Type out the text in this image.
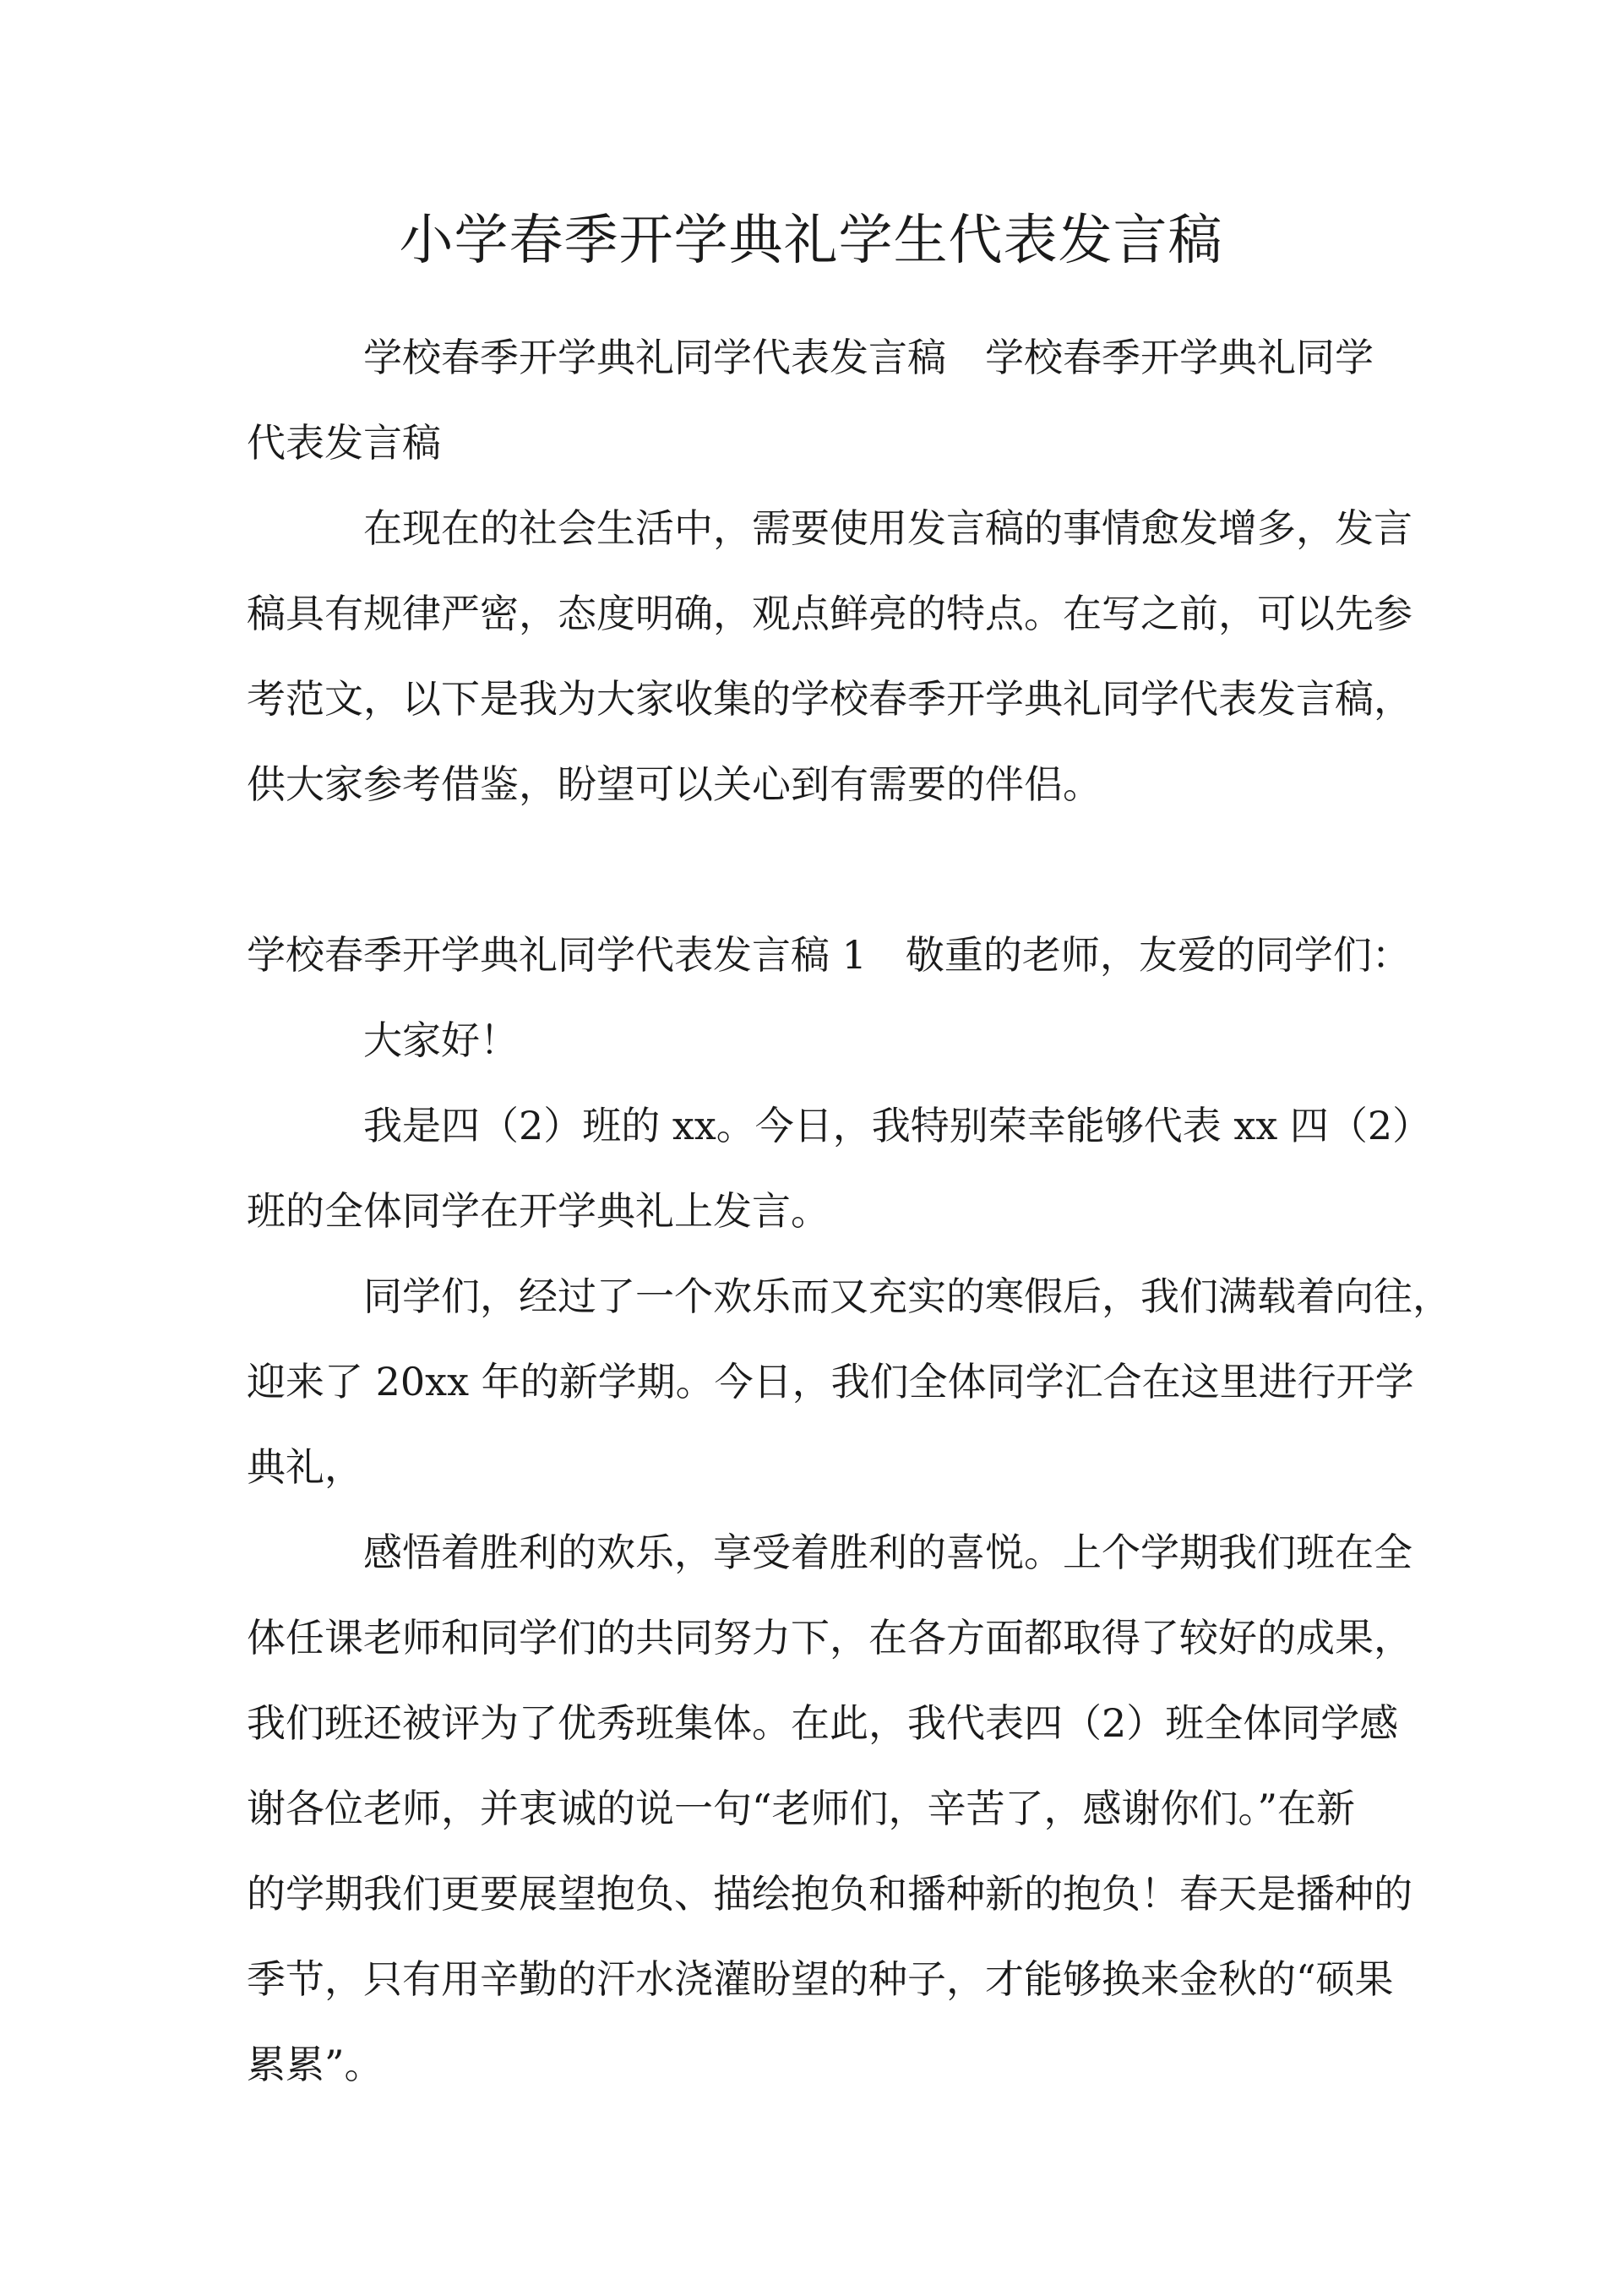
小学春季开学典礼学生代表发言稿
学校春季开学典礼同学代表发言稿　学校春季开学典礼同学
代表发言稿
在现在的社会生活中，需要使用发言稿的事情愈发增多，发言
稿具有规律严密，态度明确，观点鲜亮的特点。在写之前，可以先参
考范文，以下是我为大家收集的学校春季开学典礼同学代表发言稿，
供大家参考借鉴，盼望可以关心到有需要的伴侣。
学校春季开学典礼同学代表发言稿 1　敬重的老师，友爱的同学们：
大家好！
我是四（2）班的 xx。今日，我特别荣幸能够代表 xx 四（2）
班的全体同学在开学典礼上发言。
同学们，经过了一个欢乐而又充实的寒假后，我们满载着向往，
迎来了 20xx 年的新学期。今日，我们全体同学汇合在这里进行开学
典礼，
感悟着胜利的欢乐，享受着胜利的喜悦。上个学期我们班在全
体任课老师和同学们的共同努力下，在各方面都取得了较好的成果，
我们班还被评为了优秀班集体。在此，我代表四（2）班全体同学感
谢各位老师，并衷诚的说一句“老师们，辛苦了，感谢你们。”在新
的学期我们更要展望抱负、描绘抱负和播种新的抱负！春天是播种的
季节，只有用辛勤的汗水浇灌盼望的种子，才能够换来金秋的“硕果
累累”。
